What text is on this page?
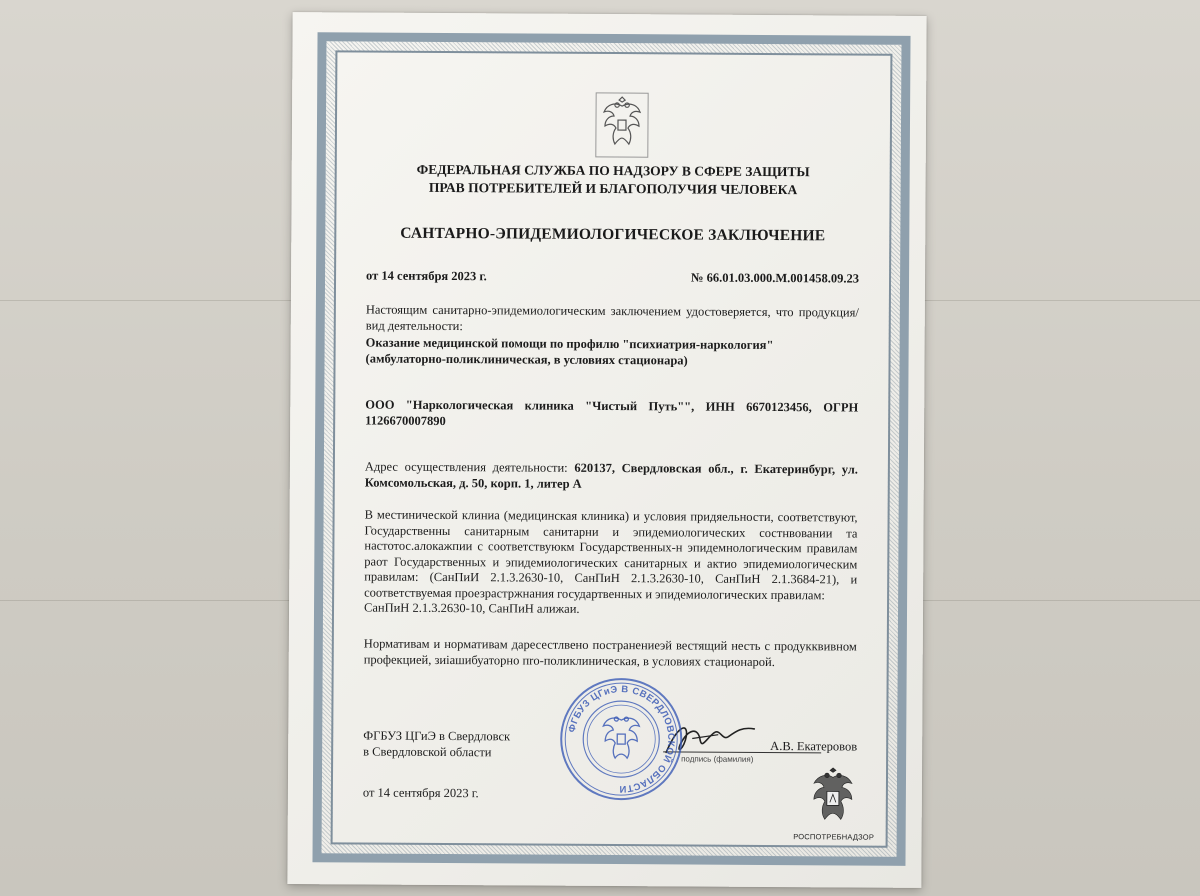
ФЕДЕРАЛЬНАЯ СЛУЖБА ПО НАДЗОРУ В СФЕРЕ ЗАЩИТЫ
ПРАВ ПОТРЕБИТЕЛЕЙ И БЛАГОПОЛУЧИЯ ЧЕЛОВЕКА
САНТАРНО-ЭПИДЕМИОЛОГИЧЕСКОЕ ЗАКЛЮЧЕНИЕ
от 14 сентября 2023 г.	№ 66.01.03.000.М.001458.09.23
Настоящим санитарно-эпидемиологическим заключением удостоверяется, что продукция/вид деятельности:
Оказание медицинской помощи по профилю "психиатрия-наркология"
(амбулаторно-поликлиническая, в условиях стационара)
ООО "Наркологическая клиника "Чистый Путь"", ИНН 6670123456, ОГРН 1126670007890
Адрес осуществления деятельности: 620137, Свердловская обл., г. Екатеринбург, ул. Комсомольская, д. 50, корп. 1, литер А
В местинической клиниа (медицинская клиника) и условия придяельности, соответствуют, Государственны санитарным санитарни и эпидемиологических состнвовании та настотос.алокажпии с соответствуюкм Государственных-н эпидемнологическим правилам раот Государственных и эпидемиологических санитарных и актио эпидемиологическим правилам: (СанПиИ 2.1.3.2630-10, СанПиН 2.1.3.2630-10, СанПиН 2.1.3684-21), и соответствуемая проезрастржнания государтвенных и эпидемиологических правилам:
СанПиН 2.1.3.2630-10, СанПиН алижаи.
Нормативам и нормативам даресестлвено постранениеэй вестящий несть с продукквивном профекцией, зиiашибуаторно пrо-поликлиническая, в условиях стационарой.
ФГБУЗ ЦГиЭ в Свердловск
в Свердловской области	подпись (фамилия)
А.В. Екатеровов
от 14 сентября 2023 г.
ФГБУЗ ЦГиЭ В СВЕРДЛОВСКОЙ ОБЛАСТИ
РОСПОТРЕБНАДЗОР
